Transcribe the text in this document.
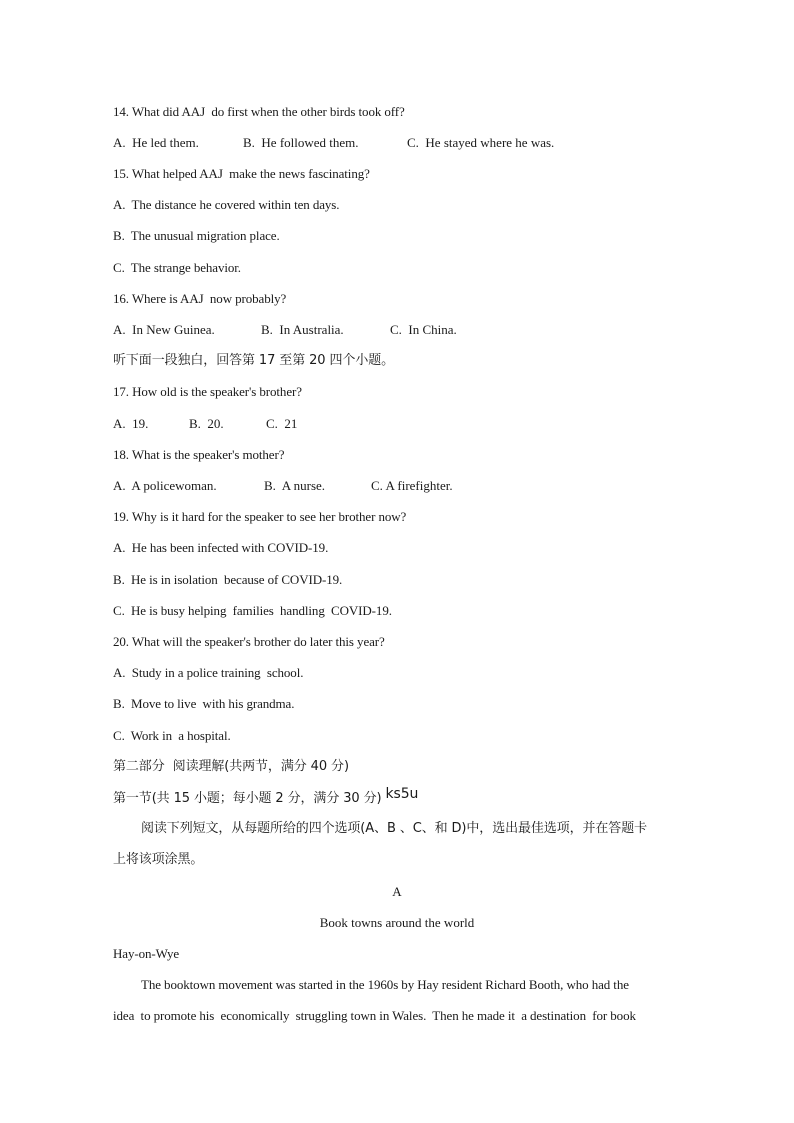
14. What did AAJ  do first when the other birds took off?

A.  He led them.

	B.  He followed them.

	C.  He stayed where he was.

15. What helped AAJ  make the news fascinating?
A.  The distance he covered within ten days.
B.  The unusual migration place.
C.  The strange behavior.
16. Where is AAJ  now probably?

A.  In New Guinea.

	B.  In Australia.

	C.  In China.

听下面一段独白，回答第 17 至第 20 四个小题。
17. How old is the speaker's brother?

A.  19.

	B.  20.

	C.  21

18. What is the speaker's mother?

A.  A policewoman.

	B.  A nurse.

	C. A firefighter.

19. Why is it hard for the speaker to see her brother now?
A.  He has been infected with COVID-19.
B.  He is in isolation  because of COVID-19.
C.  He is busy helping  families  handling  COVID-19.
20. What will the speaker's brother do later this year?
A.  Study in a police training  school.
B.  Move to live  with his grandma.
C.  Work in  a hospital.
第二部分  阅读理解(共两节，满分 40 分)
第一节(共 15 小题；每小题 2 分，满分 30 分) ks5u
阅读下列短文，从每题所给的四个选项(A、B 、C、和 D)中，选出最佳选项，并在答题卡
上将该项涂黑。
A
Book towns around the world
Hay-on-Wye
The booktown movement was started in the 1960s by Hay resident Richard Booth, who had the
idea  to promote his  economically  struggling town in Wales.  Then he made it  a destination  for book
